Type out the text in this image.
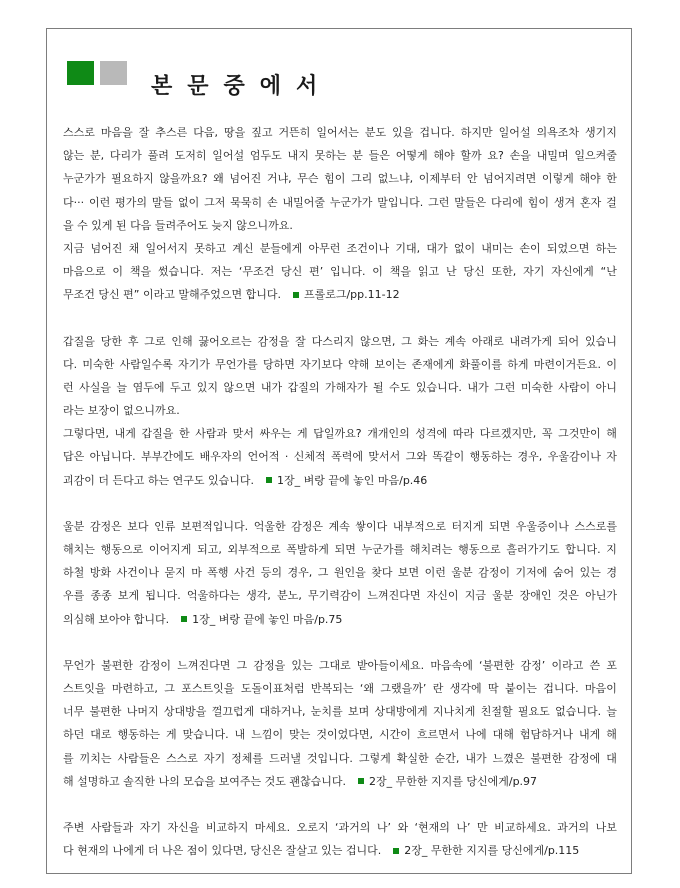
본문중에서
스스로 마음을 잘 추스른 다음, 땅을 짚고 거뜬히 일어서는 분도 있을 겁니다. 하지만 일어설 의욕조차 생기지
않는 분, 다리가 풀려 도저히 일어설 엄두도 내지 못하는 분 들은 어떻게 해야 할까 요? 손을 내밀며 일으켜줄
누군가가 필요하지 않을까요? 왜 넘어진 거냐, 무슨 힘이 그리 없느냐, 이제부터 안 넘어지려면 이렇게 해야 한
다··· 이런 평가의 말들 없이 그저 묵묵히 손 내밀어줄 누군가가 말입니다. 그런 말들은 다리에 힘이 생겨 혼자 걸
을 수 있게 된 다음 들려주어도 늦지 않으니까요.
지금 넘어진 채 일어서지 못하고 계신 분들에게 아무런 조건이나 기대, 대가 없이 내미는 손이 되었으면 하는
마음으로 이 책을 썼습니다. 저는 ‘무조건 당신 편’ 입니다. 이 책을 읽고 난 당신 또한, 자기 자신에게 “난
무조건 당신 편” 이라고 말해주었으면 합니다. 프롤로그/pp.11-12
갑질을 당한 후 그로 인해 끓어오르는 감정을 잘 다스리지 않으면, 그 화는 계속 아래로 내려가게 되어 있습니
다. 미숙한 사람일수록 자기가 무언가를 당하면 자기보다 약해 보이는 존재에게 화풀이를 하게 마련이거든요. 이
런 사실을 늘 염두에 두고 있지 않으면 내가 갑질의 가해자가 될 수도 있습니다. 내가 그런 미숙한 사람이 아니
라는 보장이 없으니까요.
그렇다면, 내게 갑질을 한 사람과 맞서 싸우는 게 답일까요? 개개인의 성격에 따라 다르겠지만, 꼭 그것만이 해
답은 아닙니다. 부부간에도 배우자의 언어적 · 신체적 폭력에 맞서서 그와 똑같이 행동하는 경우, 우울감이나 자
괴감이 더 든다고 하는 연구도 있습니다. 1장_ 벼랑 끝에 놓인 마음/p.46
울분 감정은 보다 인류 보편적입니다. 억울한 감정은 계속 쌓이다 내부적으로 터지게 되면 우울증이나 스스로를
해치는 행동으로 이어지게 되고, 외부적으로 폭발하게 되면 누군가를 해치려는 행동으로 흘러가기도 합니다. 지
하철 방화 사건이나 묻지 마 폭행 사건 등의 경우, 그 원인을 찾다 보면 이런 울분 감정이 기저에 숨어 있는 경
우를 종종 보게 됩니다. 억울하다는 생각, 분노, 무기력감이 느껴진다면 자신이 지금 울분 장애인 것은 아닌가
의심해 보아야 합니다. 1장_ 벼랑 끝에 놓인 마음/p.75
무언가 불편한 감정이 느껴진다면 그 감정을 있는 그대로 받아들이세요. 마음속에 ‘불편한 감정’ 이라고 쓴 포
스트잇을 마련하고, 그 포스트잇을 도돌이표처럼 반복되는 ‘왜 그랬을까’ 란 생각에 딱 붙이는 겁니다. 마음이
너무 불편한 나머지 상대방을 껄끄럽게 대하거나, 눈치를 보며 상대방에게 지나치게 친절할 필요도 없습니다. 늘
하던 대로 행동하는 게 맞습니다. 내 느낌이 맞는 것이었다면, 시간이 흐르면서 나에 대해 험담하거나 내게 해
를 끼치는 사람들은 스스로 자기 정체를 드러낼 것입니다. 그렇게 확실한 순간, 내가 느꼈은 불편한 감정에 대
해 설명하고 솔직한 나의 모습을 보여주는 것도 괜찮습니다. 2장_ 무한한 지지를 당신에게/p.97
주변 사람들과 자기 자신을 비교하지 마세요. 오로지 ‘과거의 나’ 와 ‘현재의 나’ 만 비교하세요. 과거의 나보
다 현재의 나에게 더 나은 점이 있다면, 당신은 잘살고 있는 겁니다. 2장_ 무한한 지지를 당신에게/p.115
